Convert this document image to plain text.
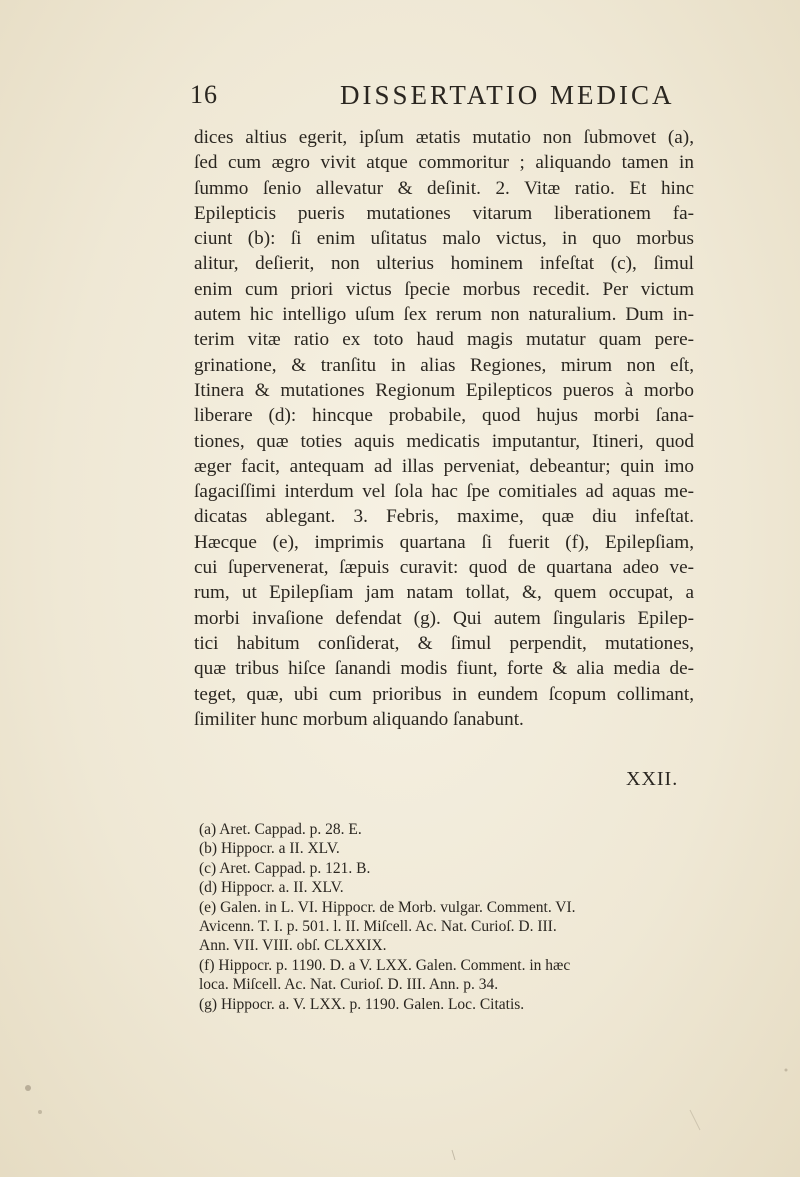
16	DISSERTATIO MEDICA
dices altius egerit, ipſum ætatis mutatio non ſubmovet (a),
ſed cum ægro vivit atque commoritur ; aliquando tamen in
ſummo ſenio allevatur & deſinit. 2. Vitæ ratio. Et hinc
Epilepticis pueris mutationes vitarum liberationem fa-
ciunt (b): ſi enim uſitatus malo victus, in quo morbus
alitur, deſierit, non ulterius hominem infeſtat (c), ſimul
enim cum priori victus ſpecie morbus recedit. Per victum
autem hic intelligo uſum ſex rerum non naturalium. Dum in-
terim vitæ ratio ex toto haud magis mutatur quam pere-
grinatione, & tranſitu in alias Regiones, mirum non eſt,
Itinera & mutationes Regionum Epilepticos pueros à morbo
liberare (d): hincque probabile, quod hujus morbi ſana-
tiones, quæ toties aquis medicatis imputantur, Itineri, quod
æger facit, antequam ad illas perveniat, debeantur; quin imo
ſagaciſſimi interdum vel ſola hac ſpe comitiales ad aquas me-
dicatas ablegant. 3. Febris, maxime, quæ diu infeſtat.
Hæcque (e), imprimis quartana ſi fuerit (f), Epilepſiam,
cui ſupervenerat, ſæpuis curavit: quod de quartana adeo ve-
rum, ut Epilepſiam jam natam tollat, &, quem occupat, a
morbi invaſione defendat (g). Qui autem ſingularis Epilep-
tici habitum conſiderat, & ſimul perpendit, mutationes,
quæ tribus hiſce ſanandi modis fiunt, forte & alia media de-
teget, quæ, ubi cum prioribus in eundem ſcopum collimant,
ſimiliter hunc morbum aliquando ſanabunt.
XXII.
(a) Aret. Cappad. p. 28. E.
(b) Hippocr. a II. XLV.
(c) Aret. Cappad. p. 121. B.
(d) Hippocr. a. II. XLV.
(e) Galen. in L. VI. Hippocr. de Morb. vulgar. Comment. VI.
Avicenn. T. I. p. 501. l. II. Miſcell. Ac. Nat. Curioſ. D. III.
Ann. VII. VIII. obſ. CLXXIX.
(f) Hippocr. p. 1190. D. a V. LXX. Galen. Comment. in hæc
loca. Miſcell. Ac. Nat. Curioſ. D. III. Ann. p. 34.
(g) Hippocr. a. V. LXX. p. 1190. Galen. Loc. Citatis.
